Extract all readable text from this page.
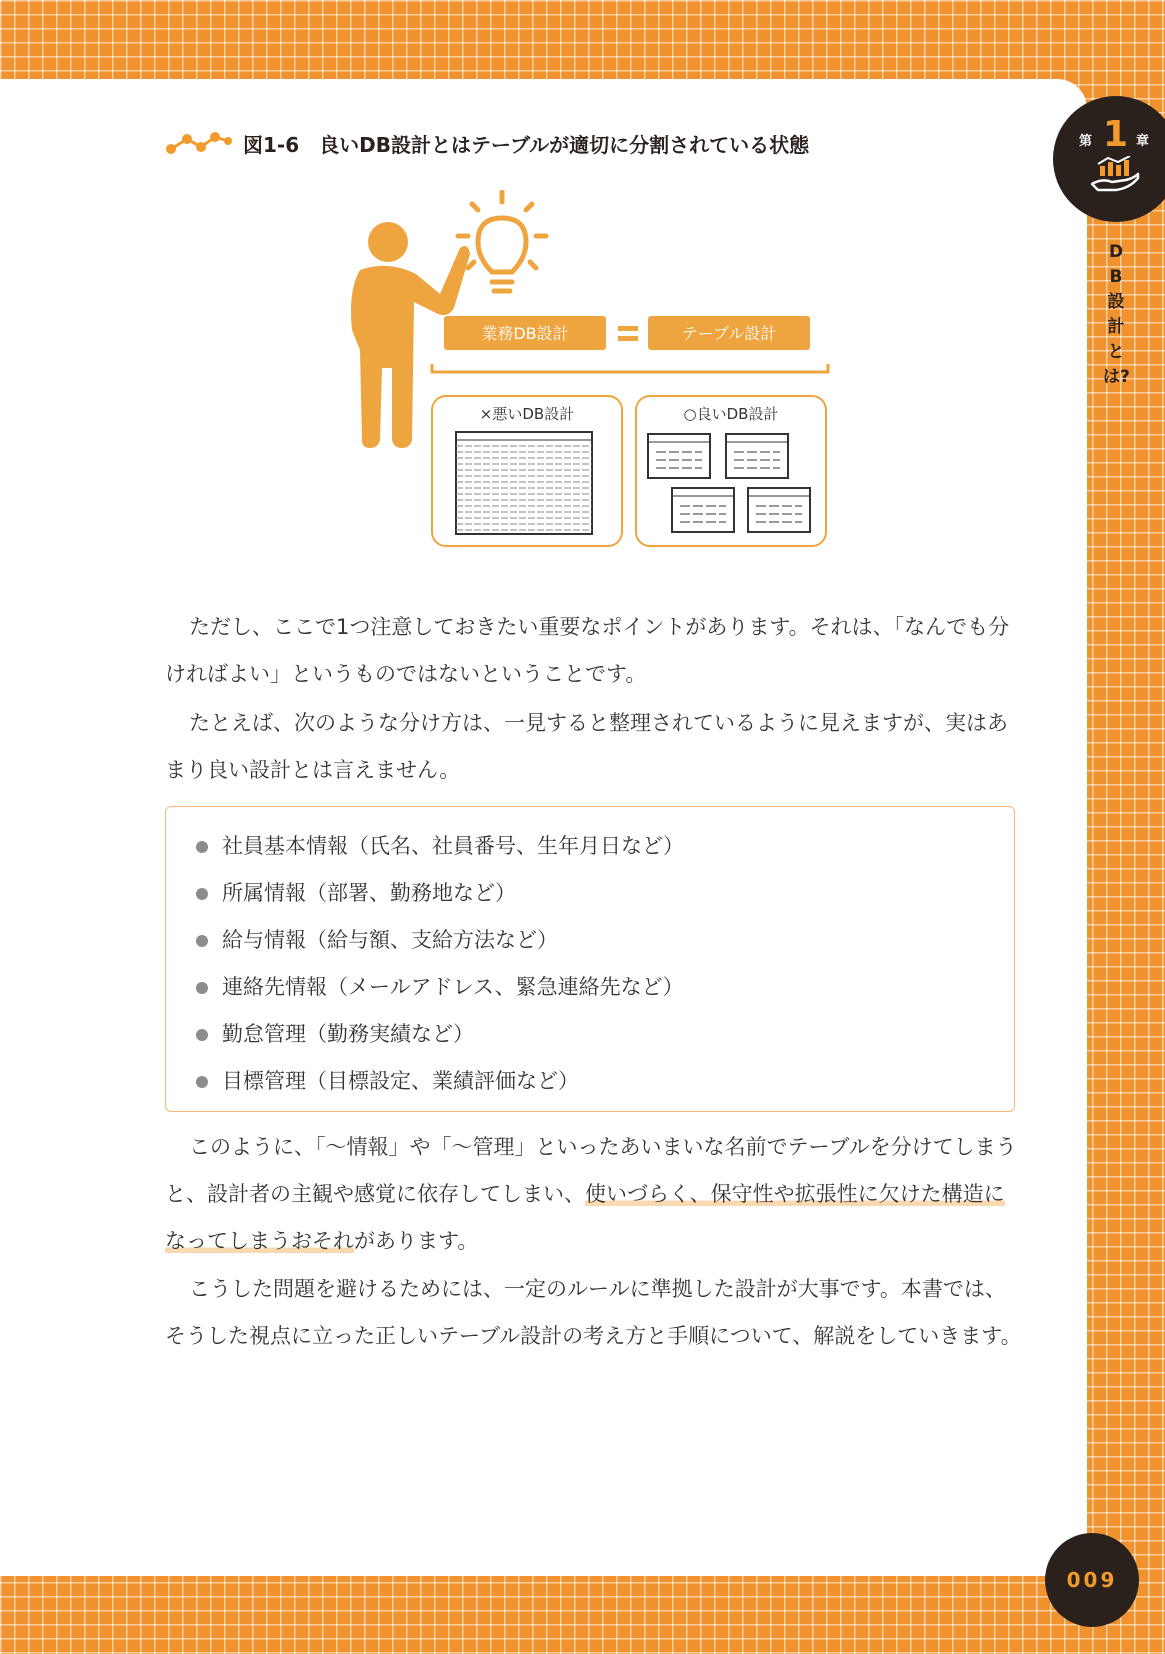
第 1 章
DB設計とは?
図1-6　良いDB設計とはテーブルが適切に分割されている状態
業務DB設計	テーブル設計
×悪いDB設計	○良いDB設計

ただし、ここで1つ注意しておきたい重要なポイントがあります。それは、「なんでも分ければよい」というものではないということです。

たとえば、次のような分け方は、一見すると整理されているように見えますが、実はあまり良い設計とは言えません。

社員基本情報（氏名、社員番号、生年月日など）
所属情報（部署、勤務地など）
給与情報（給与額、支給方法など）
連絡先情報（メールアドレス、緊急連絡先など）
勤怠管理（勤務実績など）
目標管理（目標設定、業績評価など）

このように、「〜情報」や「〜管理」といったあいまいな名前でテーブルを分けてしまうと、設計者の主観や感覚に依存してしまい、使いづらく、保守性や拡張性に欠けた構造になってしまうおそれがあります。

こうした問題を避けるためには、一定のルールに準拠した設計が大事です。本書では、そうした視点に立った正しいテーブル設計の考え方と手順について、解説をしていきます。

009
